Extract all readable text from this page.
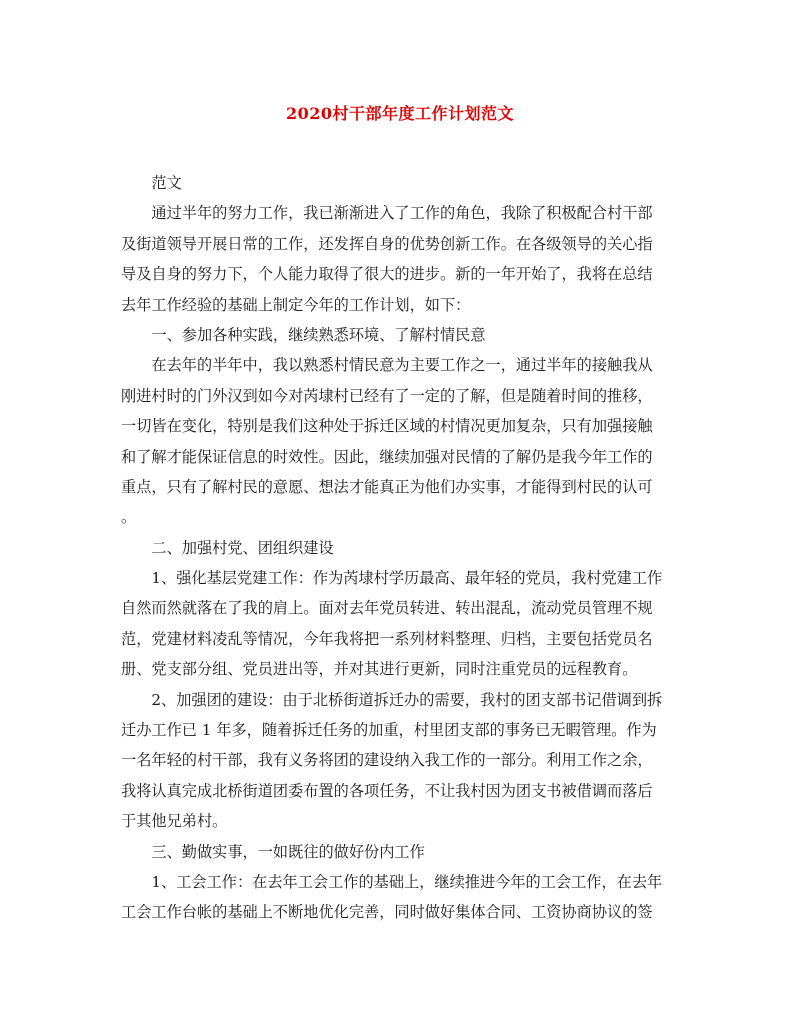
2020村干部年度工作计划范文
　　范文
　　通过半年的努力工作，我已渐渐进入了工作的角色，我除了积极配合村干部
及街道领导开展日常的工作，还发挥自身的优势创新工作。在各级领导的关心指
导及自身的努力下，个人能力取得了很大的进步。新的一年开始了，我将在总结
去年工作经验的基础上制定今年的工作计划，如下：
　　一、参加各种实践，继续熟悉环境、了解村情民意
　　在去年的半年中，我以熟悉村情民意为主要工作之一，通过半年的接触我从
刚进村时的门外汉到如今对芮埭村已经有了一定的了解，但是随着时间的推移，
一切皆在变化，特别是我们这种处于拆迁区域的村情况更加复杂，只有加强接触
和了解才能保证信息的时效性。因此，继续加强对民情的了解仍是我今年工作的
重点，只有了解村民的意愿、想法才能真正为他们办实事，才能得到村民的认可
。
　　二、加强村党、团组织建设
　　1、强化基层党建工作：作为芮埭村学历最高、最年轻的党员，我村党建工作
自然而然就落在了我的肩上。面对去年党员转进、转出混乱，流动党员管理不规
范，党建材料凌乱等情况，今年我将把一系列材料整理、归档，主要包括党员名
册、党支部分组、党员进出等，并对其进行更新，同时注重党员的远程教育。
　　2、加强团的建设：由于北桥街道拆迁办的需要，我村的团支部书记借调到拆
迁办工作已 1 年多，随着拆迁任务的加重，村里团支部的事务已无暇管理。作为
一名年轻的村干部，我有义务将团的建设纳入我工作的一部分。利用工作之余，
我将认真完成北桥街道团委布置的各项任务，不让我村因为团支书被借调而落后
于其他兄弟村。
　　三、勤做实事，一如既往的做好份内工作
　　1、工会工作：在去年工会工作的基础上，继续推进今年的工会工作，在去年
工会工作台帐的基础上不断地优化完善，同时做好集体合同、工资协商协议的签
